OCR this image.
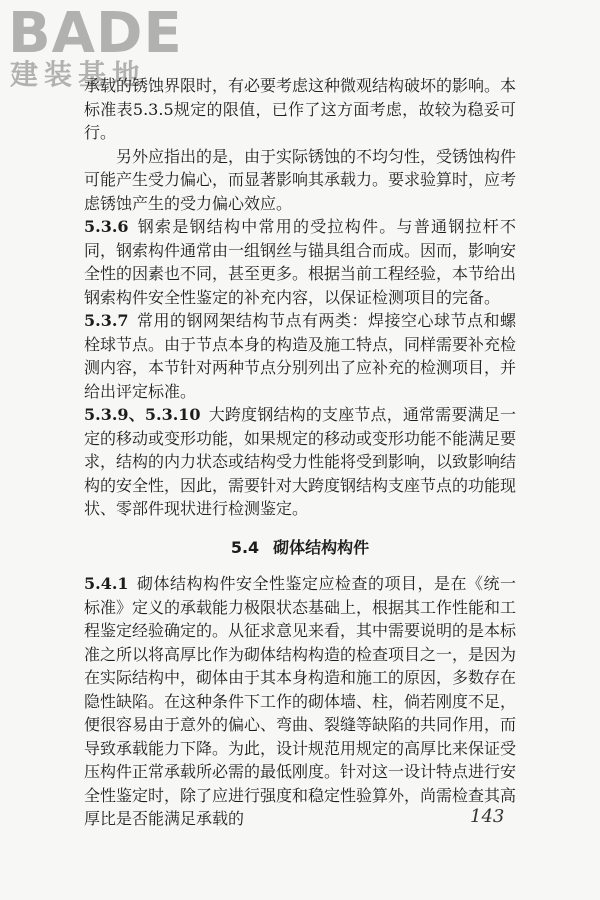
BADE
建装基地

承载的锈蚀界限时，有必要考虑这种微观结构破坏的影响。本标准表5.3.5规定的限值，已作了这方面考虑，故较为稳妥可行。

另外应指出的是，由于实际锈蚀的不均匀性，受锈蚀构件可能产生受力偏心，而显著影响其承载力。要求验算时，应考虑锈蚀产生的受力偏心效应。

5.3.6 钢索是钢结构中常用的受拉构件。与普通钢拉杆不同，钢索构件通常由一组钢丝与锚具组合而成。因而，影响安全性的因素也不同，甚至更多。根据当前工程经验，本节给出钢索构件安全性鉴定的补充内容，以保证检测项目的完备。

5.3.7 常用的钢网架结构节点有两类：焊接空心球节点和螺栓球节点。由于节点本身的构造及施工特点，同样需要补充检测内容，本节针对两种节点分别列出了应补充的检测项目，并给出评定标准。

5.3.9、5.3.10 大跨度钢结构的支座节点，通常需要满足一定的移动或变形功能，如果规定的移动或变形功能不能满足要求，结构的内力状态或结构受力性能将受到影响，以致影响结构的安全性，因此，需要针对大跨度钢结构支座节点的功能现状、零部件现状进行检测鉴定。

5.4 砌体结构构件

5.4.1 砌体结构构件安全性鉴定应检查的项目，是在《统一标准》定义的承载能力极限状态基础上，根据其工作性能和工程鉴定经验确定的。从征求意见来看，其中需要说明的是本标准之所以将高厚比作为砌体结构构造的检查项目之一，是因为在实际结构中，砌体由于其本身构造和施工的原因，多数存在隐性缺陷。在这种条件下工作的砌体墙、柱，倘若刚度不足，便很容易由于意外的偏心、弯曲、裂缝等缺陷的共同作用，而导致承载能力下降。为此，设计规范用规定的高厚比来保证受压构件正常承载所必需的最低刚度。针对这一设计特点进行安全性鉴定时，除了应进行强度和稳定性验算外，尚需检查其高厚比是否能满足承载的	143
